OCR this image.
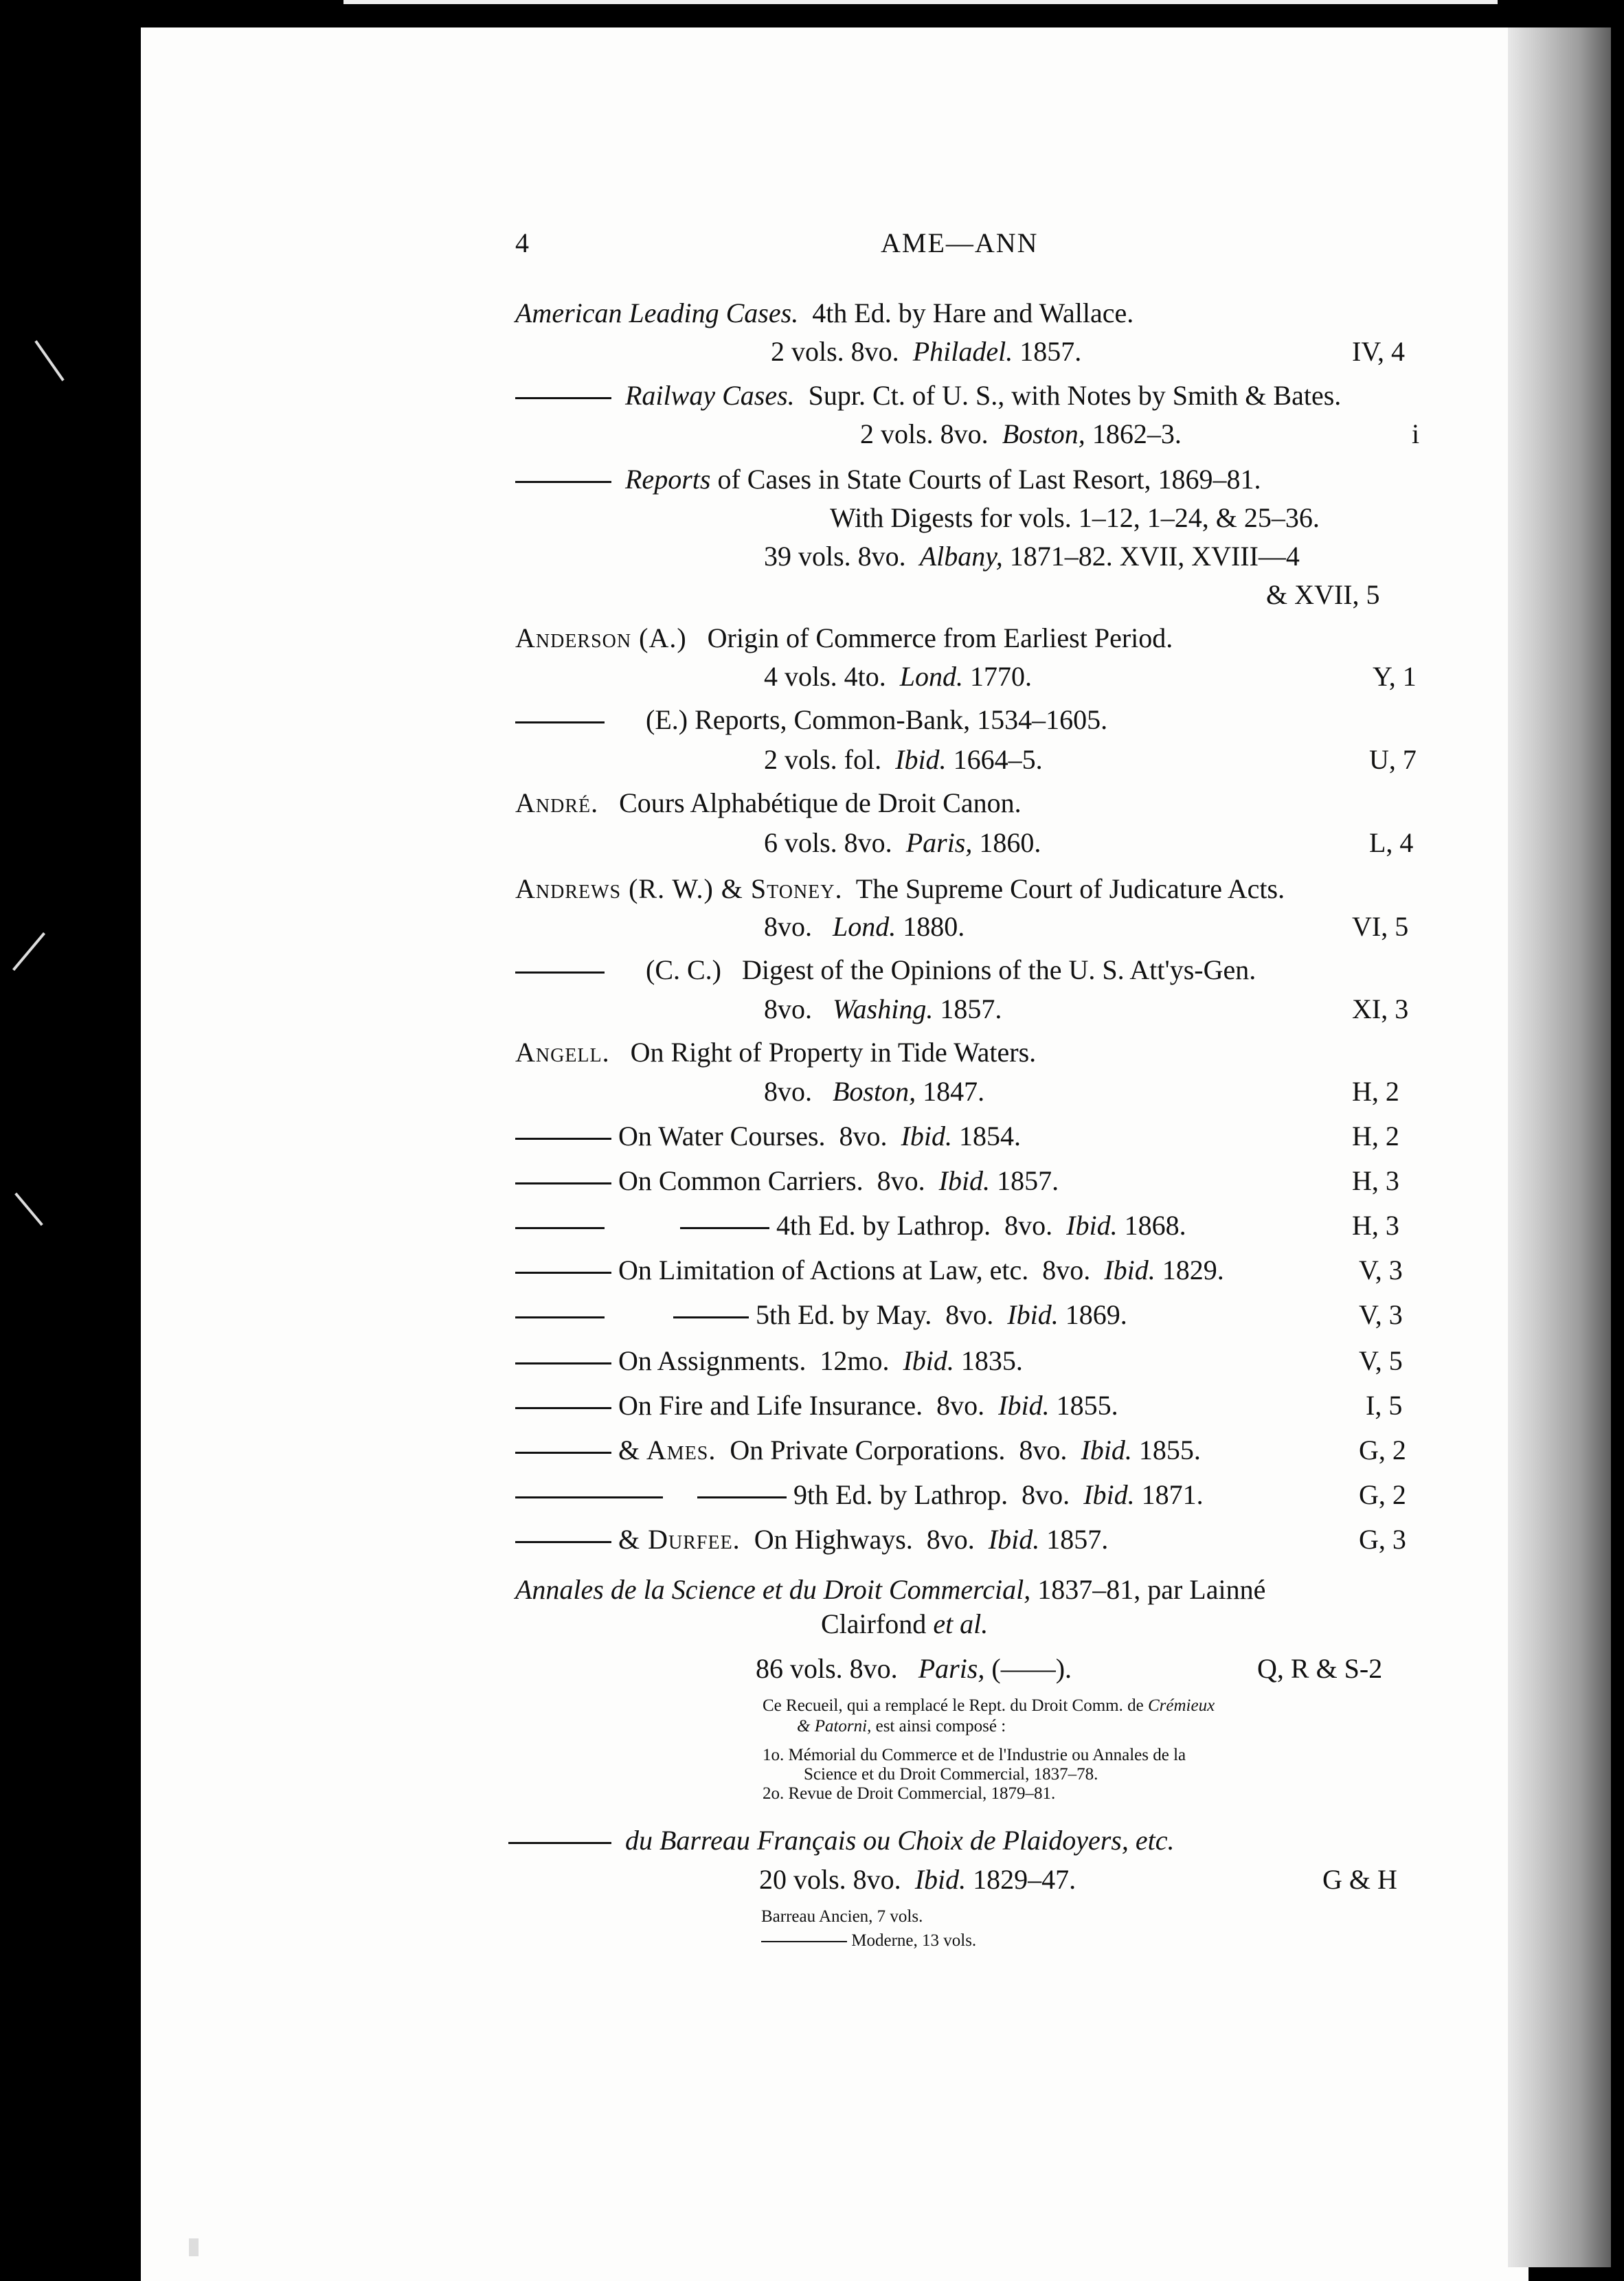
4	AME—ANN
American Leading Cases. 4th Ed. by Hare and Wallace.
2 vols. 8vo. Philadel. 1857.	IV, 4
Railway Cases. Supr. Ct. of U. S., with Notes by Smith & Bates.
2 vols. 8vo. Boston, 1862–3.	i
Reports of Cases in State Courts of Last Resort, 1869–81.
With Digests for vols. 1–12, 1–24, & 25–36.
39 vols. 8vo. Albany, 1871–82. XVII, XVIII—4
& XVII, 5
Anderson (A.) Origin of Commerce from Earliest Period.
4 vols. 4to. Lond. 1770.	Y, 1
(E.) Reports, Common-Bank, 1534–1605.
2 vols. fol. Ibid. 1664–5.	U, 7
André. Cours Alphabétique de Droit Canon.
6 vols. 8vo. Paris, 1860.	L, 4
Andrews (R. W.) & Stoney. The Supreme Court of Judicature Acts.
8vo. Lond. 1880.	VI, 5
(C. C.) Digest of the Opinions of the U. S. Att'ys-Gen.
8vo. Washing. 1857.	XI, 3
Angell. On Right of Property in Tide Waters.
8vo. Boston, 1847.	H, 2
On Water Courses.  8vo. Ibid. 1854.	H, 2
On Common Carriers.  8vo. Ibid. 1857.	H, 3
4th Ed. by Lathrop.  8vo. Ibid. 1868.	H, 3
On Limitation of Actions at Law, etc.  8vo. Ibid. 1829.	V, 3
5th Ed. by May.  8vo. Ibid. 1869.	V, 3
On Assignments.  12mo. Ibid. 1835.	V, 5
On Fire and Life Insurance.  8vo. Ibid. 1855.	I, 5
& Ames. On Private Corporations.  8vo. Ibid. 1855.	G, 2
9th Ed. by Lathrop.  8vo. Ibid. 1871.	G, 2
& Durfee. On Highways.  8vo. Ibid. 1857.	G, 3
Annales de la Science et du Droit Commercial, 1837–81, par Lainné
Clairfond et al.
86 vols. 8vo. Paris, (——).	Q, R & S-2
Ce Recueil, qui a remplacé le Rept. du Droit Comm. de Crémieux
& Patorni, est ainsi composé :
1o. Mémorial du Commerce et de l'Industrie ou Annales de la
Science et du Droit Commercial, 1837–78.
2o. Revue de Droit Commercial, 1879–81.
du Barreau Français ou Choix de Plaidoyers, etc.
20 vols. 8vo. Ibid. 1829–47.	G & H
Barreau Ancien, 7 vols.
Moderne, 13 vols.
